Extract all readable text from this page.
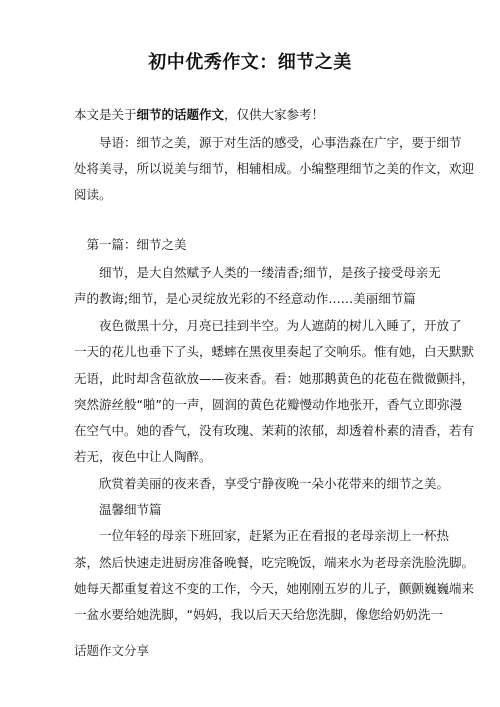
初中优秀作文：细节之美
本文是关于细节的话题作文，仅供大家参考！
　　导语：细节之美，源于对生活的感受，心事浩淼在广宇，要于细节
处将美寻，所以说美与细节，相辅相成。小编整理细节之美的作文，欢迎
阅读。
　第一篇：细节之美
　　细节，是大自然赋予人类的一缕清香;细节，是孩子接受母亲无
声的教诲;细节，是心灵绽放光彩的不经意动作……美丽细节篇
　　夜色微黑十分，月亮已挂到半空。为人遮荫的树儿入睡了，开放了
一天的花儿也垂下了头，蟋蟀在黑夜里奏起了交响乐。惟有她，白天默默
无语，此时却含苞欲放——夜来香。看：她那鹅黄色的花苞在微微颤抖，
突然游丝般“啪”的一声，圆润的黄色花瓣慢动作地张开，香气立即弥漫
在空气中。她的香气，没有玫瑰、茉莉的浓郁，却透着朴素的清香，若有
若无，夜色中让人陶醉。
　　欣赏着美丽的夜来香，享受宁静夜晚一朵小花带来的细节之美。
　　温馨细节篇
　　一位年轻的母亲下班回家，赶紧为正在看报的老母亲沏上一杯热
茶，然后快速走进厨房准备晚餐，吃完晚饭，端来水为老母亲洗脸洗脚。
她每天都重复着这不变的工作，今天，她刚刚五岁的儿子，颤颤巍巍端来
一盆水要给她洗脚，“妈妈，我以后天天给您洗脚，像您给奶奶洗一
话题作文分享
